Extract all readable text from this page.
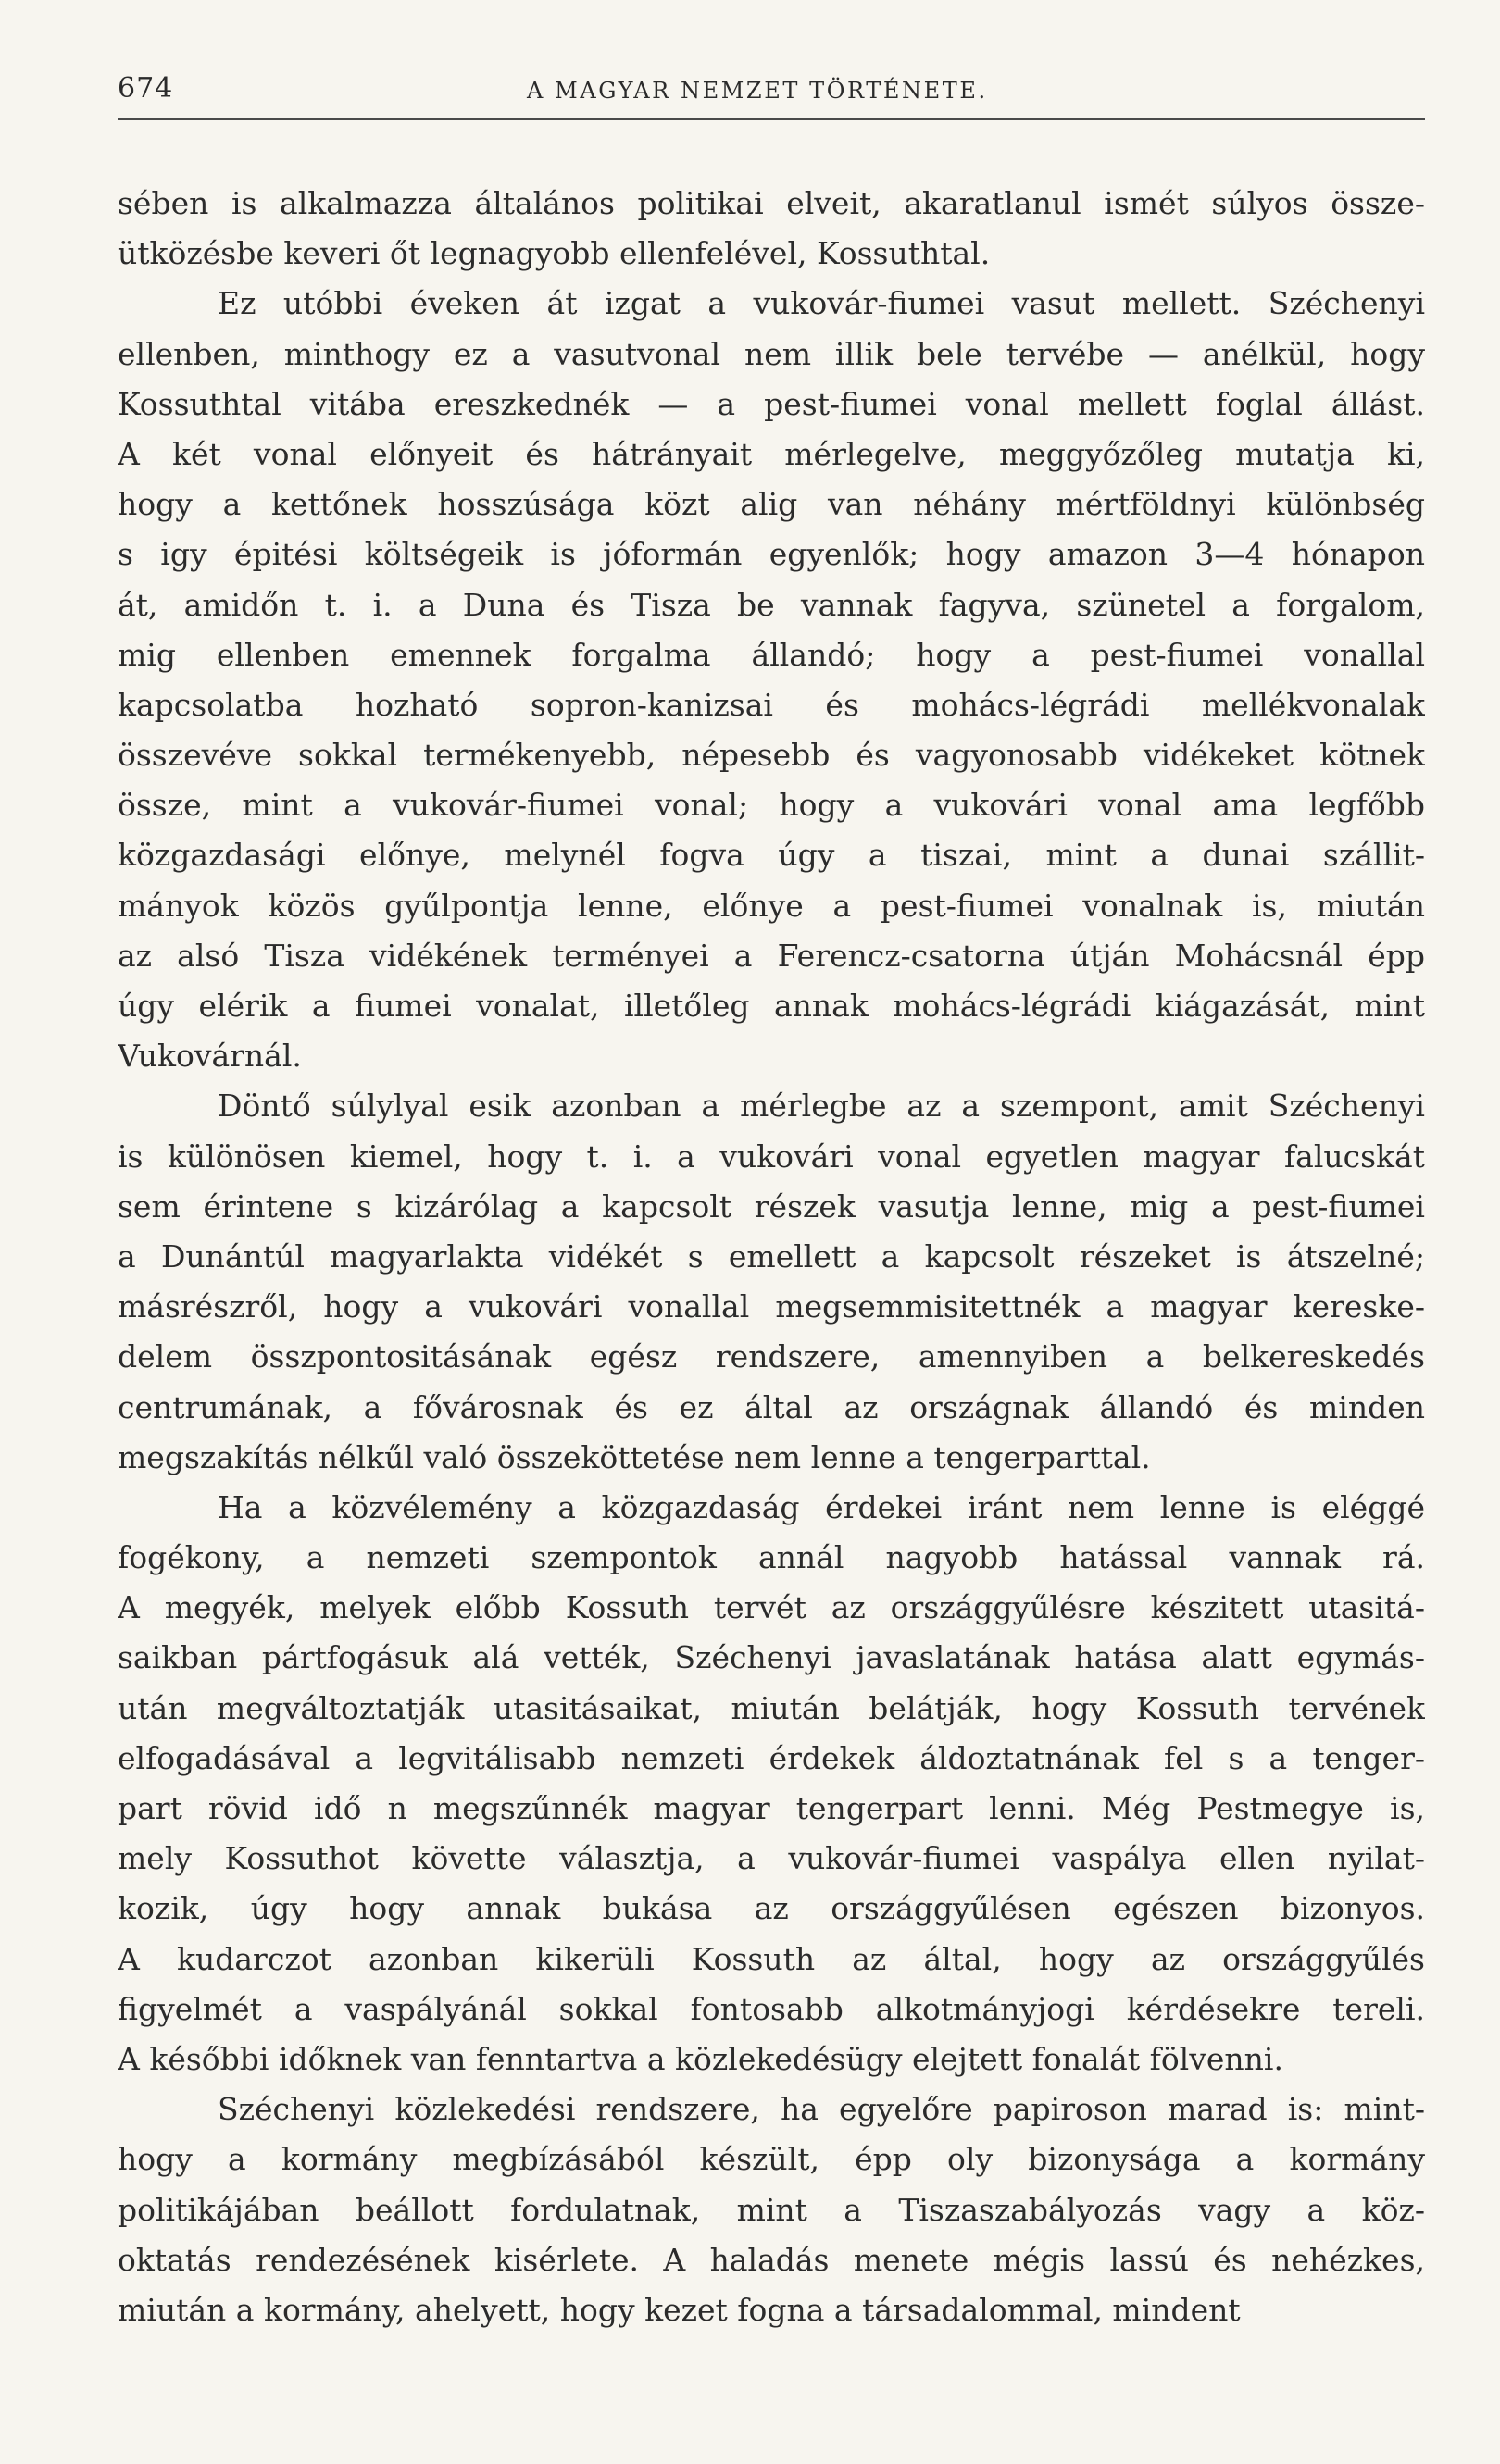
674	A MAGYAR NEMZET TÖRTÉNETE.
sében is alkalmazza általános politikai elveit, akaratlanul ismét súlyos össze-
ütközésbe keveri őt legnagyobb ellenfelével, Kossuthtal.
Ez utóbbi éveken át izgat a vukovár-fiumei vasut mellett. Széchenyi
ellenben, minthogy ez a vasutvonal nem illik bele tervébe — anélkül, hogy
Kossuthtal vitába ereszkednék — a pest-fiumei vonal mellett foglal állást.
A két vonal előnyeit és hátrányait mérlegelve, meggyőzőleg mutatja ki,
hogy a kettőnek hosszúsága közt alig van néhány mértföldnyi különbség
s igy épitési költségeik is jóformán egyenlők; hogy amazon 3—4 hónapon
át, amidőn t. i. a Duna és Tisza be vannak fagyva, szünetel a forgalom,
mig ellenben emennek forgalma állandó; hogy a pest-fiumei vonallal
kapcsolatba hozható sopron-kanizsai és mohács-légrádi mellékvonalak
összevéve sokkal termékenyebb, népesebb és vagyonosabb vidékeket kötnek
össze, mint a vukovár-fiumei vonal; hogy a vukovári vonal ama legfőbb
közgazdasági előnye, melynél fogva úgy a tiszai, mint a dunai szállit-
mányok közös gyűlpontja lenne, előnye a pest-fiumei vonalnak is, miután
az alsó Tisza vidékének terményei a Ferencz-csatorna útján Mohácsnál épp
úgy elérik a fiumei vonalat, illetőleg annak mohács-légrádi kiágazását, mint
Vukovárnál.
Döntő súlylyal esik azonban a mérlegbe az a szempont, amit Széchenyi
is különösen kiemel, hogy t. i. a vukovári vonal egyetlen magyar falucskát
sem érintene s kizárólag a kapcsolt részek vasutja lenne, mig a pest-fiumei
a Dunántúl magyarlakta vidékét s emellett a kapcsolt részeket is átszelné;
másrészről, hogy a vukovári vonallal megsemmisitettnék a magyar kereske-
delem összpontositásának egész rendszere, amennyiben a belkereskedés
centrumának, a fővárosnak és ez által az országnak állandó és minden
megszakítás nélkűl való összeköttetése nem lenne a tengerparttal.
Ha a közvélemény a közgazdaság érdekei iránt nem lenne is eléggé
fogékony, a nemzeti szempontok annál nagyobb hatással vannak rá.
A megyék, melyek előbb Kossuth tervét az országgyűlésre készitett utasitá-
saikban pártfogásuk alá vették, Széchenyi javaslatának hatása alatt egymás-
után megváltoztatják utasitásaikat, miután belátják, hogy Kossuth tervének
elfogadásával a legvitálisabb nemzeti érdekek áldoztatnának fel s a tenger-
part rövid idő n megszűnnék magyar tengerpart lenni. Még Pestmegye is,
mely Kossuthot követte választja, a vukovár-fiumei vaspálya ellen nyilat-
kozik, úgy hogy annak bukása az országgyűlésen egészen bizonyos.
A kudarczot azonban kikerüli Kossuth az által, hogy az országgyűlés
figyelmét a vaspályánál sokkal fontosabb alkotmányjogi kérdésekre tereli.
A későbbi időknek van fenntartva a közlekedésügy elejtett fonalát fölvenni.
Széchenyi közlekedési rendszere, ha egyelőre papiroson marad is: mint-
hogy a kormány megbízásából készült, épp oly bizonysága a kormány
politikájában beállott fordulatnak, mint a Tiszaszabályozás vagy a köz-
oktatás rendezésének kisérlete. A haladás menete mégis lassú és nehézkes,
miután a kormány, ahelyett, hogy kezet fogna a társadalommal, mindent
